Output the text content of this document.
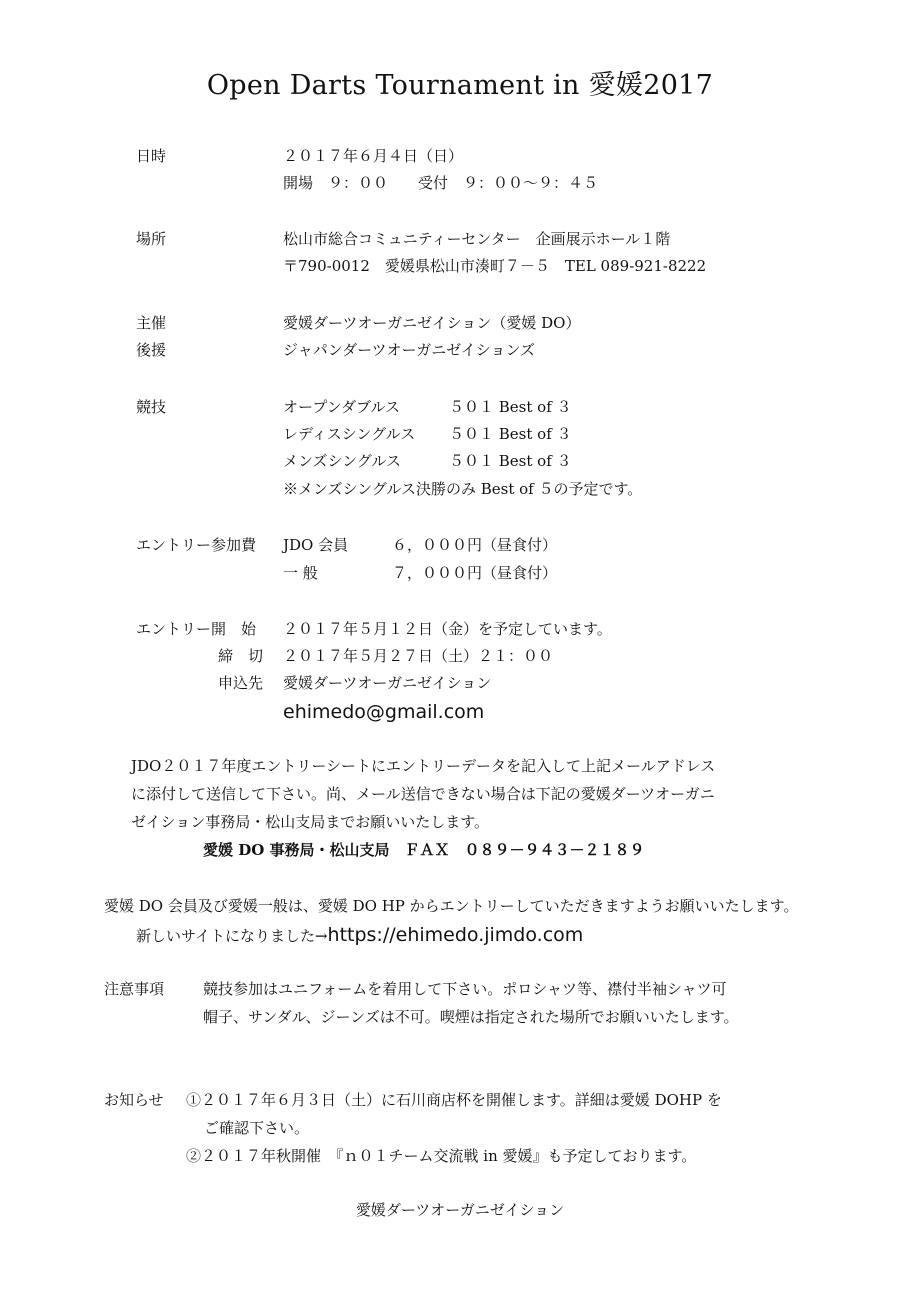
Open Darts Tournament in 愛媛2017
日時	２０１７年６月４日（日）
開場　９：００　　受付　９：００〜９：４５
場所	松山市総合コミュニティーセンター　企画展示ホール１階
〒790-0012　愛媛県松山市湊町７－５　TEL 089-921-8222
主催	愛媛ダーツオーガニゼイション（愛媛 DO）
後援	ジャパンダーツオーガニゼイションズ
競技	オープンダブルス	５０１ Best of ３
レディスシングルス ５０１ Best of ３
メンズシングルス	５０１ Best of ３
※メンズシングルス決勝のみ Best of ５の予定です。
エントリー参加費 JDO 会員	６，０００円（昼食付）
一 般	７，０００円（昼食付）
エントリー開　始 ２０１７年５月１２日（金）を予定しています。
締　切 ２０１７年５月２７日（土）２１：００
申込先 愛媛ダーツオーガニゼイション
ehimedo@gmail.com
JDO２０１７年度エントリーシートにエントリーデータを記入して上記メールアドレス
に添付して送信して下さい。尚、メール送信できない場合は下記の愛媛ダーツオーガニ
ゼイション事務局・松山支局までお願いいたします。
愛媛 DO 事務局・松山支局　ＦＡＸ　０８９－９４３－２１８９
愛媛 DO 会員及び愛媛一般は、愛媛 DO HP からエントリーしていただきますようお願いいたします。
新しいサイトになりました→https://ehimedo.jimdo.com
注意事項	競技参加はユニフォームを着用して下さい。ポロシャツ等、襟付半袖シャツ可
帽子、サンダル、ジーンズは不可。喫煙は指定された場所でお願いいたします。
お知らせ ①２０１７年６月３日（土）に石川商店杯を開催します。詳細は愛媛 DOHP を
ご確認下さい。
②２０１７年秋開催　『ｎ０１チーム交流戦 in 愛媛』も予定しております。
愛媛ダーツオーガニゼイション
